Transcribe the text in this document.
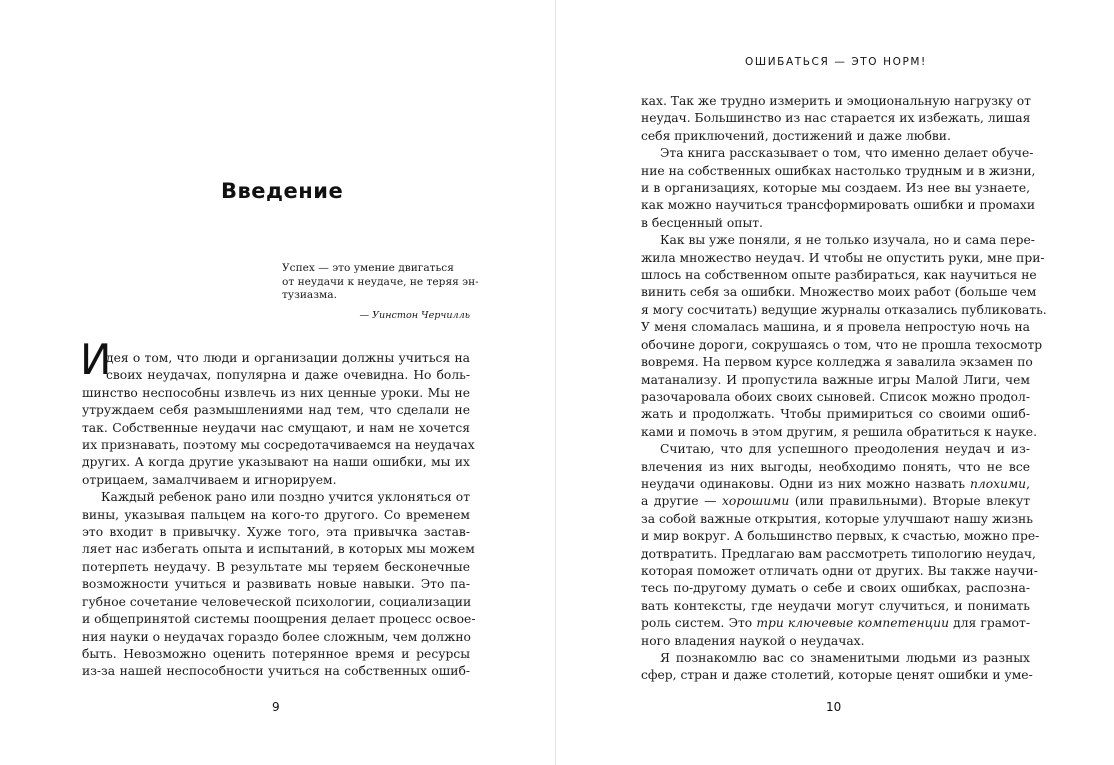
Введение
Успех — это умение двигаться
от неудачи к неудаче, не теряя эн-
тузиазма.
— Уинстон Черчилль
И
дея о том, что люди и организации должны учиться на
своих неудачах, популярна и даже очевидна. Но боль-
шинство неспособны извлечь из них ценные уроки. Мы не
утруждаем себя размышлениями над тем, что сделали не
так. Собственные неудачи нас смущают, и нам не хочется
их признавать, поэтому мы сосредотачиваемся на неудачах
других. А когда другие указывают на наши ошибки, мы их
отрицаем, замалчиваем и игнорируем.
Каждый ребенок рано или поздно учится уклоняться от
вины, указывая пальцем на кого-то другого. Со временем
это входит в привычку. Хуже того, эта привычка застав-
ляет нас избегать опыта и испытаний, в которых мы можем
потерпеть неудачу. В результате мы теряем бесконечные
возможности учиться и развивать новые навыки. Это па-
губное сочетание человеческой психологии, социализации
и общепринятой системы поощрения делает процесс освое-
ния науки о неудачах гораздо более сложным, чем должно
быть. Невозможно оценить потерянное время и ресурсы
из-за нашей неспособности учиться на собственных ошиб-
9
ОШИБАТЬСЯ — ЭТО НОРМ!
ках. Так же трудно измерить и эмоциональную нагрузку от
неудач. Большинство из нас старается их избежать, лишая
себя приключений, достижений и даже любви.
Эта книга рассказывает о том, что именно делает обуче-
ние на собственных ошибках настолько трудным и в жизни,
и в организациях, которые мы создаем. Из нее вы узнаете,
как можно научиться трансформировать ошибки и промахи
в бесценный опыт.
Как вы уже поняли, я не только изучала, но и сама пере-
жила множество неудач. И чтобы не опустить руки, мне при-
шлось на собственном опыте разбираться, как научиться не
винить себя за ошибки. Множество моих работ (больше чем
я могу сосчитать) ведущие журналы отказались публиковать.
У меня сломалась машина, и я провела непростую ночь на
обочине дороги, сокрушаясь о том, что не прошла техосмотр
вовремя. На первом курсе колледжа я завалила экзамен по
матанализу. И пропустила важные игры Малой Лиги, чем
разочаровала обоих своих сыновей. Список можно продол-
жать и продолжать. Чтобы примириться со своими ошиб-
ками и помочь в этом другим, я решила обратиться к науке.
Считаю, что для успешного преодоления неудач и из-
влечения из них выгоды, необходимо понять, что не все
неудачи одинаковы. Одни из них можно назвать плохими,
а другие — хорошими (или правильными). Вторые влекут
за собой важные открытия, которые улучшают нашу жизнь
и мир вокруг. А большинство первых, к счастью, можно пре-
дотвратить. Предлагаю вам рассмотреть типологию неудач,
которая поможет отличать одни от других. Вы также научи-
тесь по-другому думать о себе и своих ошибках, распозна-
вать контексты, где неудачи могут случиться, и понимать
роль систем. Это три ключевые компетенции для грамот-
ного владения наукой о неудачах.
Я познакомлю вас со знаменитыми людьми из разных
сфер, стран и даже столетий, которые ценят ошибки и уме-
10
